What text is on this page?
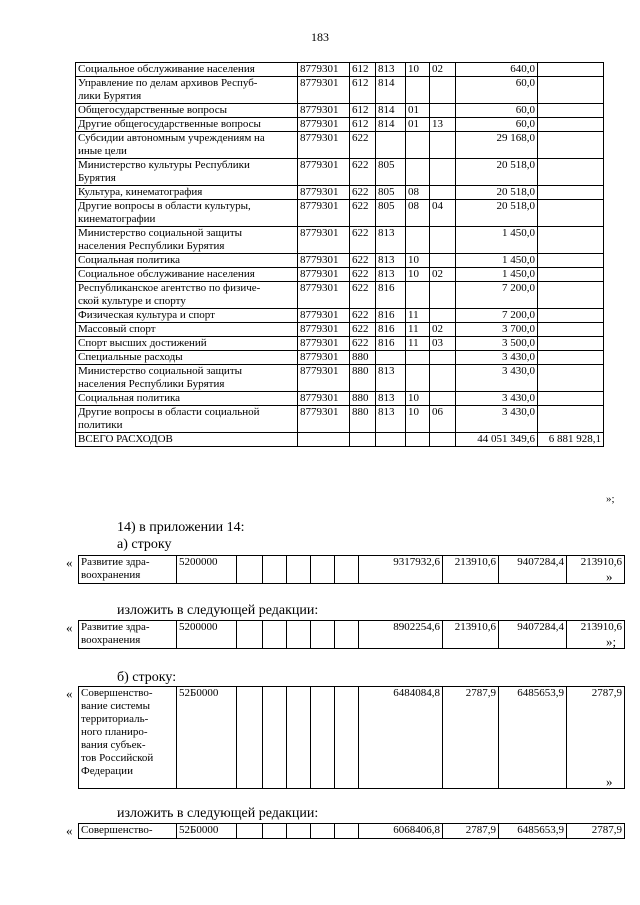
183
Социальное обслуживание населения	8779301	612	813	10	02	640,0	
Управление по делам архивов Респуб-
лики Бурятия	8779301	612	814			60,0	
Общегосударственные вопросы	8779301	612	814	01		60,0	
Другие общегосударственные вопросы	8779301	612	814	01	13	60,0	
Субсидии автономным учреждениям на
иные цели	8779301	622				29 168,0	
Министерство культуры Республики
Бурятия	8779301	622	805			20 518,0	
Культура, кинематография	8779301	622	805	08		20 518,0	
Другие вопросы в области культуры,
кинематографии	8779301	622	805	08	04	20 518,0	
Министерство социальной защиты
населения Республики Бурятия	8779301	622	813			1 450,0	
Социальная политика	8779301	622	813	10		1 450,0	
Социальное обслуживание населения	8779301	622	813	10	02	1 450,0	
Республиканское агентство по физиче-
ской культуре и спорту	8779301	622	816			7 200,0	
Физическая культура и спорт	8779301	622	816	11		7 200,0	
Массовый спорт	8779301	622	816	11	02	3 700,0	
Спорт высших достижений	8779301	622	816	11	03	3 500,0	
Специальные расходы	8779301	880				3 430,0	
Министерство социальной защиты
населения Республики Бурятия	8779301	880	813			3 430,0	
Социальная политика	8779301	880	813	10		3 430,0	
Другие вопросы в области социальной
политики	8779301	880	813	10	06	3 430,0	
ВСЕГО РАСХОДОВ						44 051 349,6	6 881 928,1
»;
14) в приложении 14:
а) строку
« Развитие здра-
воохранения	5200000						9317932,6	213910,6	9407284,4	213910,6
»
изложить в следующей редакции:
« Развитие здра-
воохранения	5200000						8902254,6	213910,6	9407284,4	213910,6
»;
б) строку:
« Совершенство-
вание системы
территориаль-
ного планиро-
вания субъек-
тов Российской
Федерации	52Б0000						6484084,8	2787,9	6485653,9	2787,9
»
изложить в следующей редакции:
« Совершенство-	52Б0000						6068406,8	2787,9	6485653,9	2787,9
